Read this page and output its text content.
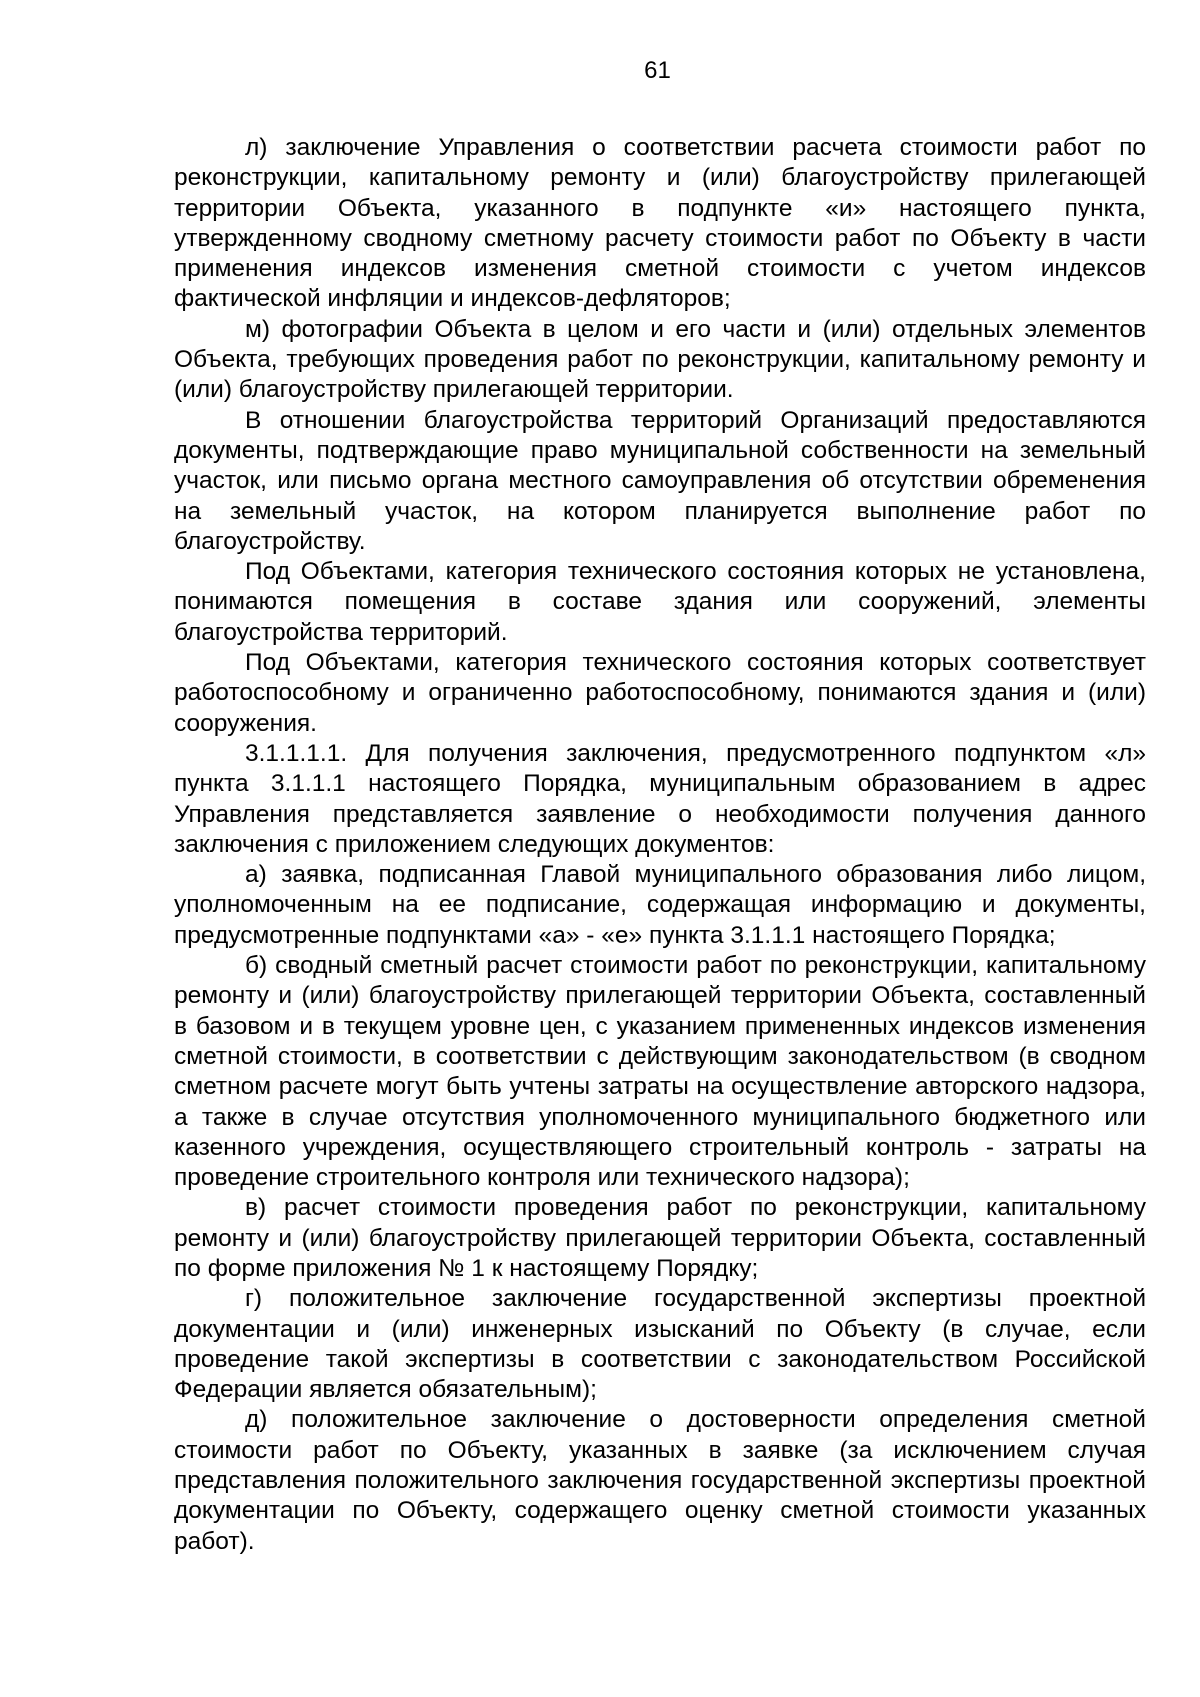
61

л) заключение Управления о соответствии расчета стоимости работ по реконструкции, капитальному ремонту и (или) благоустройству прилегающей территории Объекта, указанного в подпункте «и» настоящего пункта, утвержденному сводному сметному расчету стоимости работ по Объекту в части применения индексов изменения сметной стоимости с учетом индексов фактической инфляции и индексов-дефляторов;

м) фотографии Объекта в целом и его части и (или) отдельных элементов Объекта, требующих проведения работ по реконструкции, капитальному ремонту и (или) благоустройству прилегающей территории.

В отношении благоустройства территорий Организаций предоставляются документы, подтверждающие право муниципальной собственности на земельный участок, или письмо органа местного самоуправления об отсутствии обременения на земельный участок, на котором планируется выполнение работ по благоустройству.

Под Объектами, категория технического состояния которых не установлена, понимаются помещения в составе здания или сооружений, элементы благоустройства территорий.

Под Объектами, категория технического состояния которых соответствует работоспособному и ограниченно работоспособному, понимаются здания и (или) сооружения.

3.1.1.1.1. Для получения заключения, предусмотренного подпунктом «л» пункта 3.1.1.1 настоящего Порядка, муниципальным образованием в адрес Управления представляется заявление о необходимости получения данного заключения с приложением следующих документов:

а) заявка, подписанная Главой муниципального образования либо лицом, уполномоченным на ее подписание, содержащая информацию и документы, предусмотренные подпунктами «а» - «е» пункта 3.1.1.1 настоящего Порядка;

б) сводный сметный расчет стоимости работ по реконструкции, капитальному ремонту и (или) благоустройству прилегающей территории Объекта, составленный в базовом и в текущем уровне цен, с указанием примененных индексов изменения сметной стоимости, в соответствии с действующим законодательством (в сводном сметном расчете могут быть учтены затраты на осуществление авторского надзора, а также в случае отсутствия уполномоченного муниципального бюджетного или казенного учреждения, осуществляющего строительный контроль - затраты на проведение строительного контроля или технического надзора);

в) расчет стоимости проведения работ по реконструкции, капитальному ремонту и (или) благоустройству прилегающей территории Объекта, составленный по форме приложения № 1 к настоящему Порядку;

г) положительное заключение государственной экспертизы проектной документации и (или) инженерных изысканий по Объекту (в случае, если проведение такой экспертизы в соответствии с законодательством Российской Федерации является обязательным);

д) положительное заключение о достоверности определения сметной стоимости работ по Объекту, указанных в заявке (за исключением случая представления положительного заключения государственной экспертизы проектной документации по Объекту, содержащего оценку сметной стоимости указанных работ).
